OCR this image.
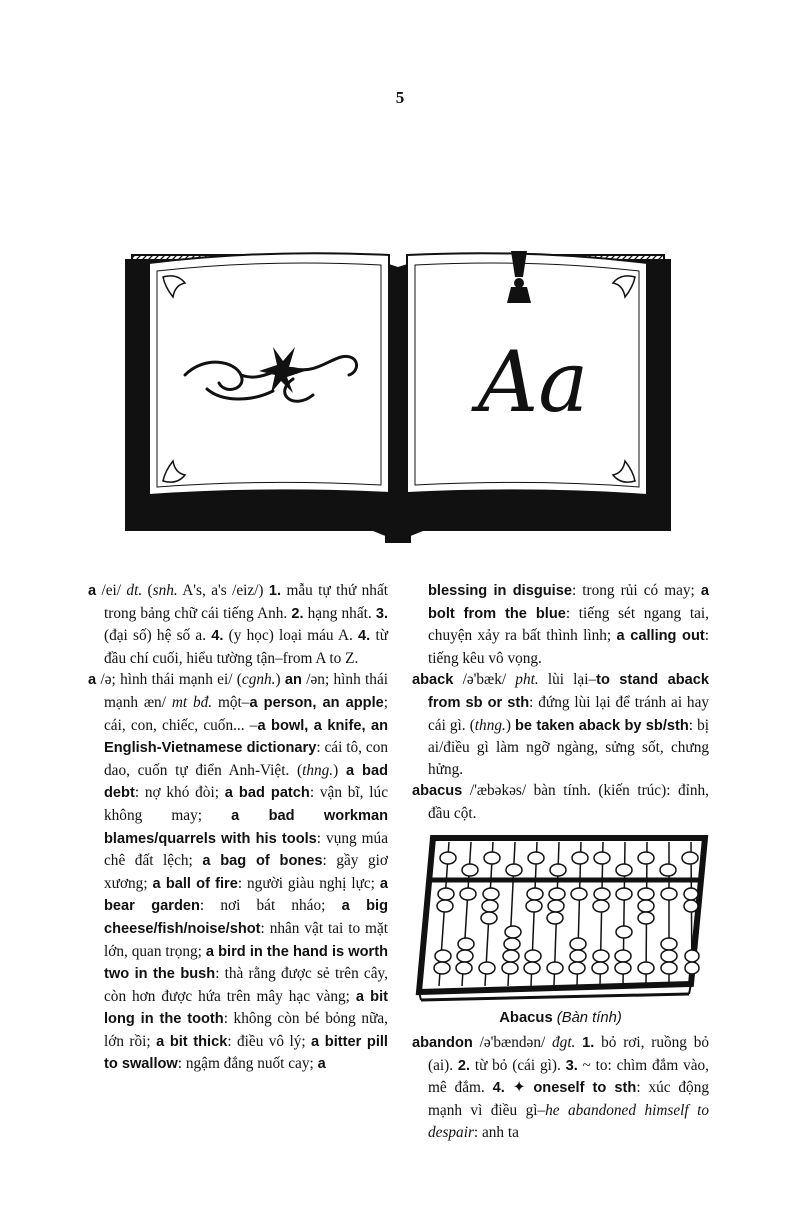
5
Aa

a /ei/ dt. (snh. A's, a's /eiz/) 1. mẫu tự thứ nhất trong bảng chữ cái tiếng Anh. 2. hạng nhất. 3. (đại số) hệ số a. 4. (y học) loại máu A. 4. từ đầu chí cuối, hiểu tường tận–from A to Z.

a /ə; hình thái mạnh ei/ (cgnh.) an /ən; hình thái mạnh æn/ mt bđ. một–a person, an apple; cái, con, chiếc, cuốn... –a bowl, a knife, an English-Vietnamese dictionary: cái tô, con dao, cuốn tự điển Anh-Việt. (thng.) a bad debt: nợ khó đòi; a bad patch: vận bĩ, lúc không may; a bad workman blames/quarrels with his tools: vụng múa chê đất lệch; a bag of bones: gầy giơ xương; a ball of fire: người giàu nghị lực; a bear garden: nơi bát nháo; a big cheese/fish/noise/shot: nhân vật tai to mặt lớn, quan trọng; a bird in the hand is worth two in the bush: thà rằng được sẻ trên cây, còn hơn được hứa trên mây hạc vàng; a bit long in the tooth: không còn bé bỏng nữa, lớn rồi; a bit thick: điều vô lý; a bitter pill to swallow: ngậm đắng nuốt cay; a

blessing in disguise: trong rủi có may; a bolt from the blue: tiếng sét ngang tai, chuyện xảy ra bất thình lình; a calling out: tiếng kêu vô vọng.

aback /ə'bæk/ pht. lùi lại–to stand aback from sb or sth: đứng lùi lại để tránh ai hay cái gì. (thng.) be taken aback by sb/sth: bị ai/điều gì làm ngỡ ngàng, sửng sốt, chưng hửng.

abacus /'æbəkəs/ bàn tính. (kiến trúc): đỉnh, đầu cột.

Abacus (Bàn tính)

abandon /ə'bændən/ đgt. 1. bỏ rơi, ruồng bỏ (ai). 2. từ bỏ (cái gì). 3. ~ to: chìm đắm vào, mê đắm. 4. ✦ oneself to sth: xúc động mạnh vì điều gì–he abandoned himself to despair: anh ta
